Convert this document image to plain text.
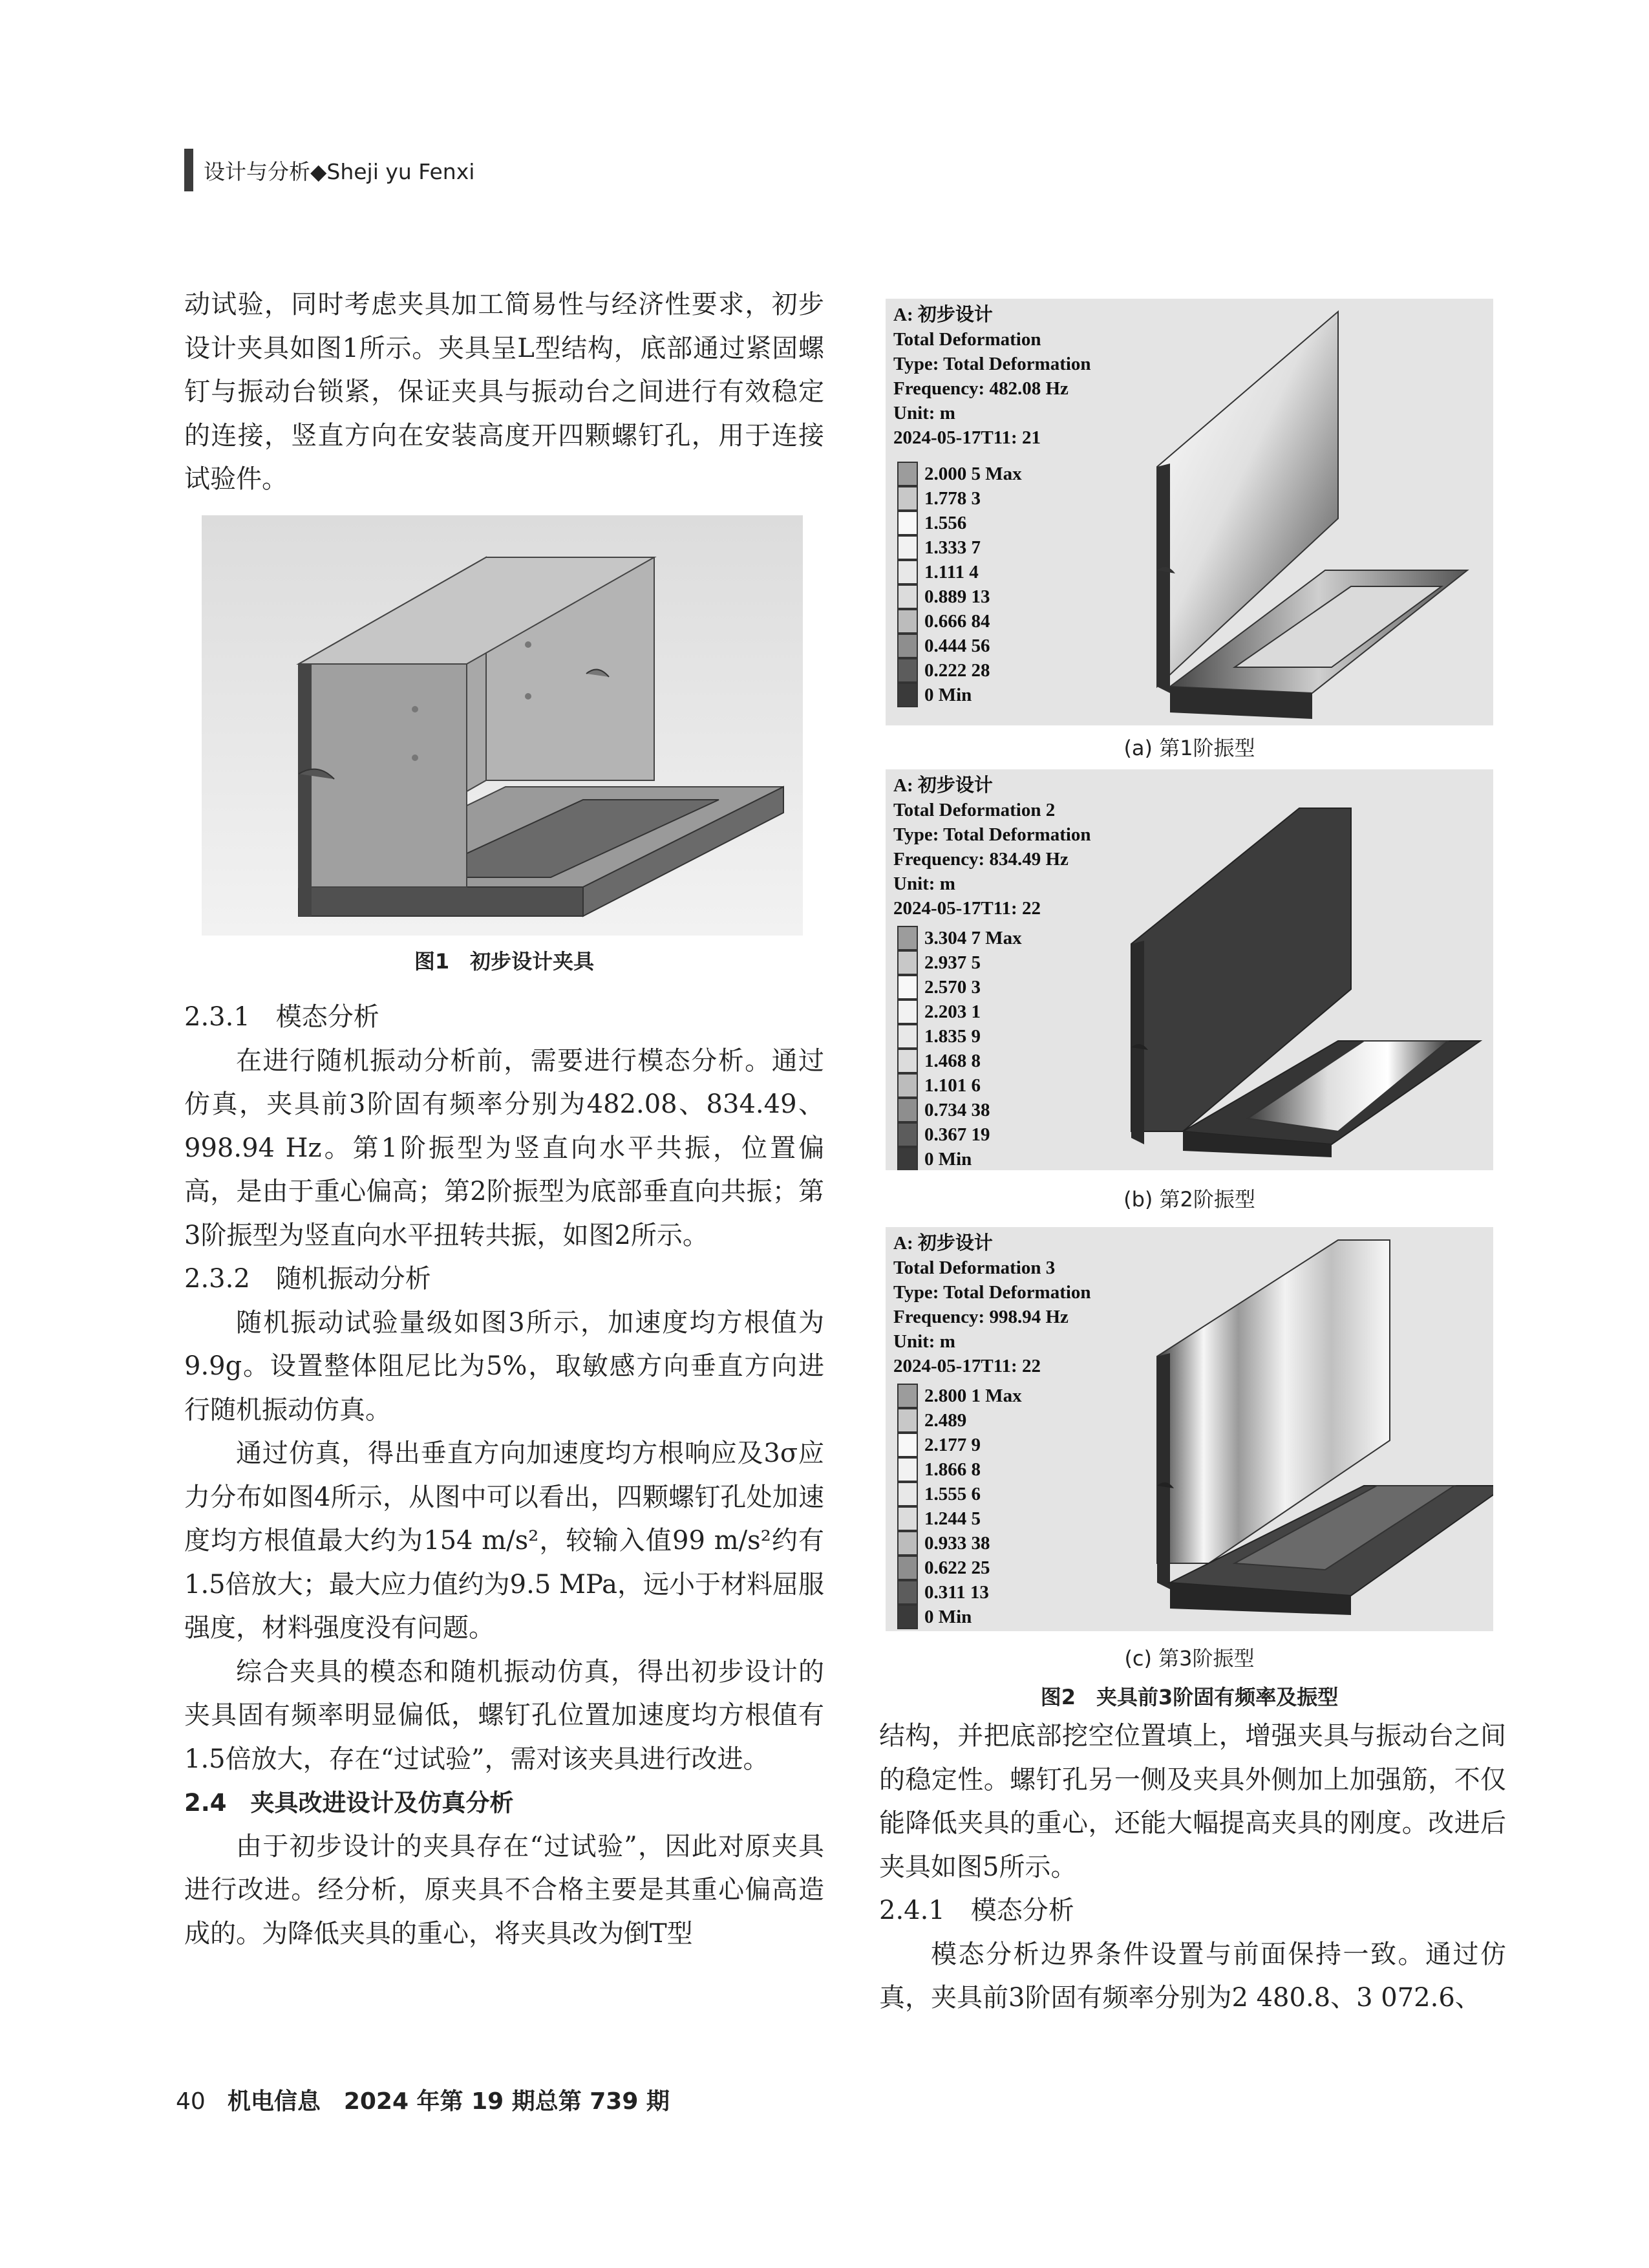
设计与分析◆Sheji yu Fenxi

动试验，同时考虑夹具加工简易性与经济性要求，初步设计夹具如图1所示。夹具呈L型结构，底部通过紧固螺钉与振动台锁紧，保证夹具与振动台之间进行有效稳定的连接，竖直方向在安装高度开四颗螺钉孔，用于连接试验件。

图1　初步设计夹具

2.3.1　模态分析

在进行随机振动分析前，需要进行模态分析。通过仿真，夹具前3阶固有频率分别为482.08、834.49、998.94 Hz。第1阶振型为竖直向水平共振，位置偏高，是由于重心偏高；第2阶振型为底部垂直向共振；第3阶振型为竖直向水平扭转共振，如图2所示。

2.3.2　随机振动分析

随机振动试验量级如图3所示，加速度均方根值为9.9g。设置整体阻尼比为5%，取敏感方向垂直方向进行随机振动仿真。

通过仿真，得出垂直方向加速度均方根响应及3σ应力分布如图4所示，从图中可以看出，四颗螺钉孔处加速度均方根值最大约为154 m/s²，较输入值99 m/s²约有1.5倍放大；最大应力值约为9.5 MPa，远小于材料屈服强度，材料强度没有问题。

综合夹具的模态和随机振动仿真，得出初步设计的夹具固有频率明显偏低，螺钉孔位置加速度均方根值有1.5倍放大，存在“过试验”，需对该夹具进行改进。

2.4　夹具改进设计及仿真分析

由于初步设计的夹具存在“过试验”，因此对原夹具进行改进。经分析，原夹具不合格主要是其重心偏高造成的。为降低夹具的重心，将夹具改为倒T型

A: 初步设计
Total Deformation
Type: Total Deformation
Frequency: 482.08 Hz
Unit: m
2024-05-17T11: 21
2.000 5 Max
1.778 3
1.556
1.333 7
1.111 4
0.889 13
0.666 84
0.444 56
0.222 28
0 Min
(a) 第1阶振型
A: 初步设计
Total Deformation 2
Type: Total Deformation
Frequency: 834.49 Hz
Unit: m
2024-05-17T11: 22
3.304 7 Max
2.937 5
2.570 3
2.203 1
1.835 9
1.468 8
1.101 6
0.734 38
0.367 19
0 Min
(b) 第2阶振型
A: 初步设计
Total Deformation 3
Type: Total Deformation
Frequency: 998.94 Hz
Unit: m
2024-05-17T11: 22
2.800 1 Max
2.489
2.177 9
1.866 8
1.555 6
1.244 5
0.933 38
0.622 25
0.311 13
0 Min
(c) 第3阶振型
图2　夹具前3阶固有频率及振型

结构，并把底部挖空位置填上，增强夹具与振动台之间的稳定性。螺钉孔另一侧及夹具外侧加上加强筋，不仅能降低夹具的重心，还能大幅提高夹具的刚度。改进后夹具如图5所示。

2.4.1　模态分析

模态分析边界条件设置与前面保持一致。通过仿真，夹具前3阶固有频率分别为2 480.8、3 072.6、

40 机电信息　2024 年第 19 期总第 739 期
